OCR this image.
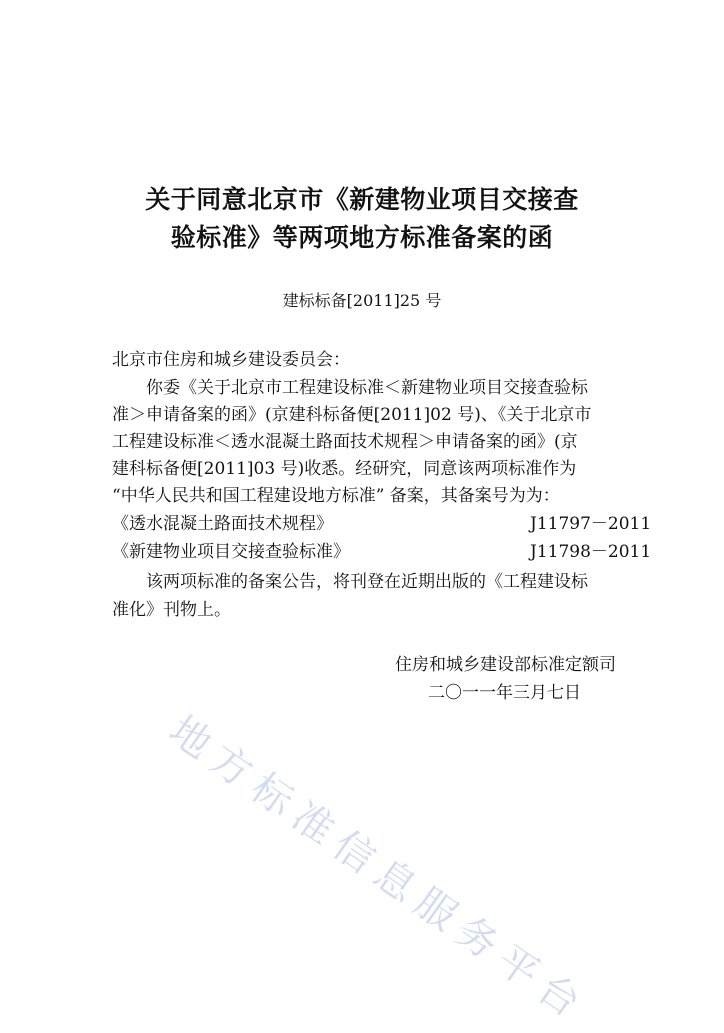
关于同意北京市《新建物业项目交接查
验标准》等两项地方标准备案的函
建标标备[2011]25 号
北京市住房和城乡建设委员会：
　　你委《关于北京市工程建设标准＜新建物业项目交接查验标
准＞申请备案的函》(京建科标备便[2011]02 号)、《关于北京市
工程建设标准＜透水混凝土路面技术规程＞申请备案的函》(京
建科标备便[2011]03 号)收悉。经研究，同意该两项标准作为
“中华人民共和国工程建设地方标准” 备案，其备案号为为：
《透水混凝土路面技术规程》	J11797－2011
《新建物业项目交接查验标准》	J11798－2011
　　该两项标准的备案公告，将刊登在近期出版的《工程建设标
准化》刊物上。
住房和城乡建设部标准定额司
二〇一一年三月七日
地方标准信息服务平台
